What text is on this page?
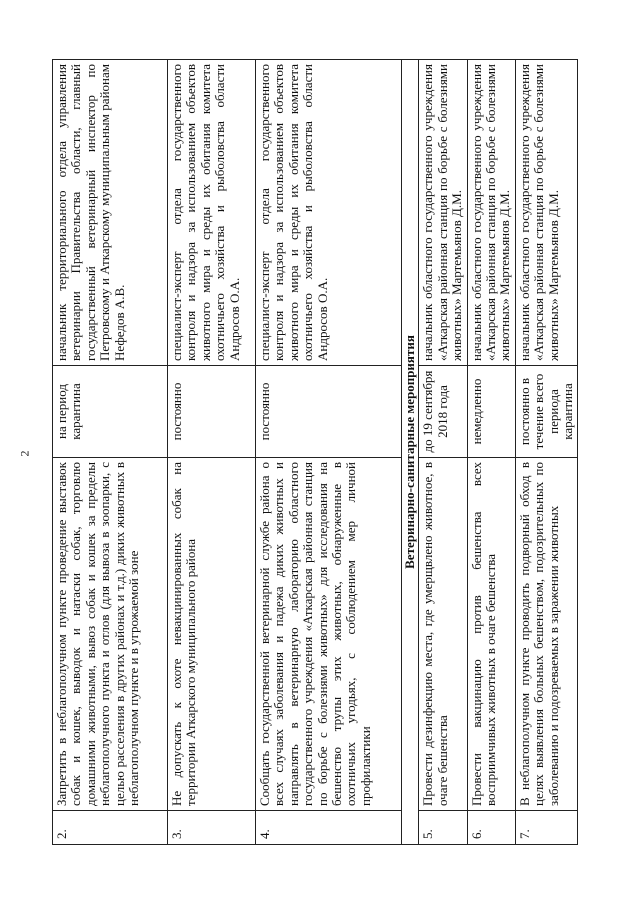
2
2.	Запретить в неблагополучном пункте проведение выставок собак и кошек, выводок и натаски собак, торговлю домашними животными, вывоз собак и кошек за пределы неблагополучного пункта и отлов (для вывоза в зоопарки, с целью расселения в других районах и т.д.) диких животных в неблагополучном пункте и в угрожаемой зоне	на период карантина	начальник территориального отдела управления ветеринарии Правительства области, главный государственный ветеринарный инспектор по Петровскому и Аткарскому муниципальным районам Нефедов А.В.
3.	Не допускать к охоте невакцинированных собак на территории Аткарского муниципального района	постоянно	специалист-эксперт отдела государственного контроля и надзора за использованием объектов животного мира и среды их обитания комитета охотничьего хозяйства и рыболовства области Андросов О.А.
4.	Сообщать государственной ветеринарной службе района о всех случаях заболевания и падежа диких животных и направлять в ветеринарную лабораторию областного государственного учреждения «Аткарская районная станция по борьбе с болезнями животных» для исследования на бешенство трупы этих животных, обнаруженные в охотничьих угодьях, с соблюдением мер личной профилактики	постоянно	специалист-эксперт отдела государственного контроля и надзора за использованием объектов животного мира и среды их обитания комитета охотничьего хозяйства и рыболовства области Андросов О.А.
Ветеринарно-санитарные мероприятия			
5.	Провести дезинфекцию места, где умерщвлено животное, в очаге бешенства	до 19 сентября 2018 года	начальник областного государственного учреждения «Аткарская районная станция по борьбе с болезнями животных» Мартемьянов Д.М.
6.	Провести вакцинацию против бешенства всех восприимчивых животных в очаге бешенства	немедленно	начальник областного государственного учреждения «Аткарская районная станция по борьбе с болезнями животных» Мартемьянов Д.М.
7.	В неблагополучном пункте проводить подворный обход в целях выявления больных бешенством, подозрительных по заболеванию и подозреваемых в заражении животных	постоянно в течение всего периода карантина	начальник областного государственного учреждения «Аткарская районная станция по борьбе с болезнями животных» Мартемьянов Д.М.
